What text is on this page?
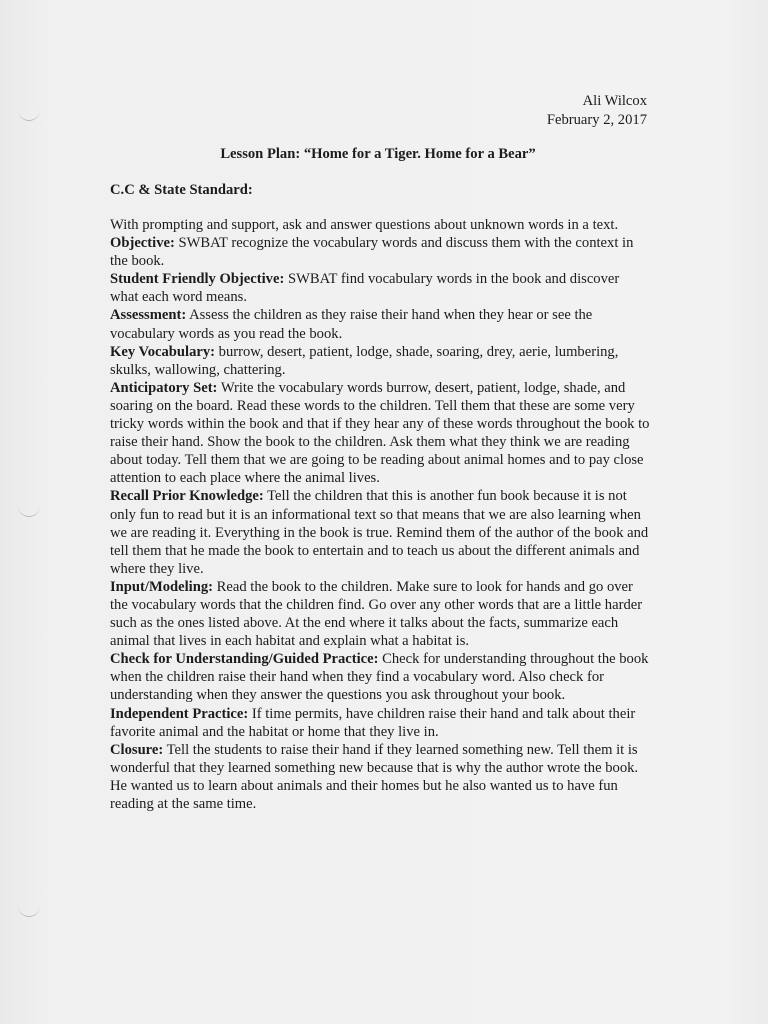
Ali Wilcox
February 2, 2017
Lesson Plan: “Home for a Tiger. Home for a Bear”
C.C & State Standard:

With prompting and support, ask and answer questions about unknown words in a text.

Objective: SWBAT recognize the vocabulary words and discuss them with the context in the book.

Student Friendly Objective: SWBAT find vocabulary words in the book and discover what each word means.

Assessment: Assess the children as they raise their hand when they hear or see the vocabulary words as you read the book.

Key Vocabulary: burrow, desert, patient, lodge, shade, soaring, drey, aerie, lumbering, skulks, wallowing, chattering.

Anticipatory Set: Write the vocabulary words burrow, desert, patient, lodge, shade, and soaring on the board. Read these words to the children. Tell them that these are some very tricky words within the book and that if they hear any of these words throughout the book to raise their hand. Show the book to the children. Ask them what they think we are reading about today. Tell them that we are going to be reading about animal homes and to pay close attention to each place where the animal lives.

Recall Prior Knowledge: Tell the children that this is another fun book because it is not only fun to read but it is an informational text so that means that we are also learning when we are reading it. Everything in the book is true. Remind them of the author of the book and tell them that he made the book to entertain and to teach us about the different animals and where they live.

Input/Modeling: Read the book to the children. Make sure to look for hands and go over the vocabulary words that the children find. Go over any other words that are a little harder such as the ones listed above. At the end where it talks about the facts, summarize each animal that lives in each habitat and explain what a habitat is.

Check for Understanding/Guided Practice: Check for understanding throughout the book when the children raise their hand when they find a vocabulary word. Also check for understanding when they answer the questions you ask throughout your book.

Independent Practice: If time permits, have children raise their hand and talk about their favorite animal and the habitat or home that they live in.

Closure: Tell the students to raise their hand if they learned something new. Tell them it is wonderful that they learned something new because that is why the author wrote the book. He wanted us to learn about animals and their homes but he also wanted us to have fun reading at the same time.
